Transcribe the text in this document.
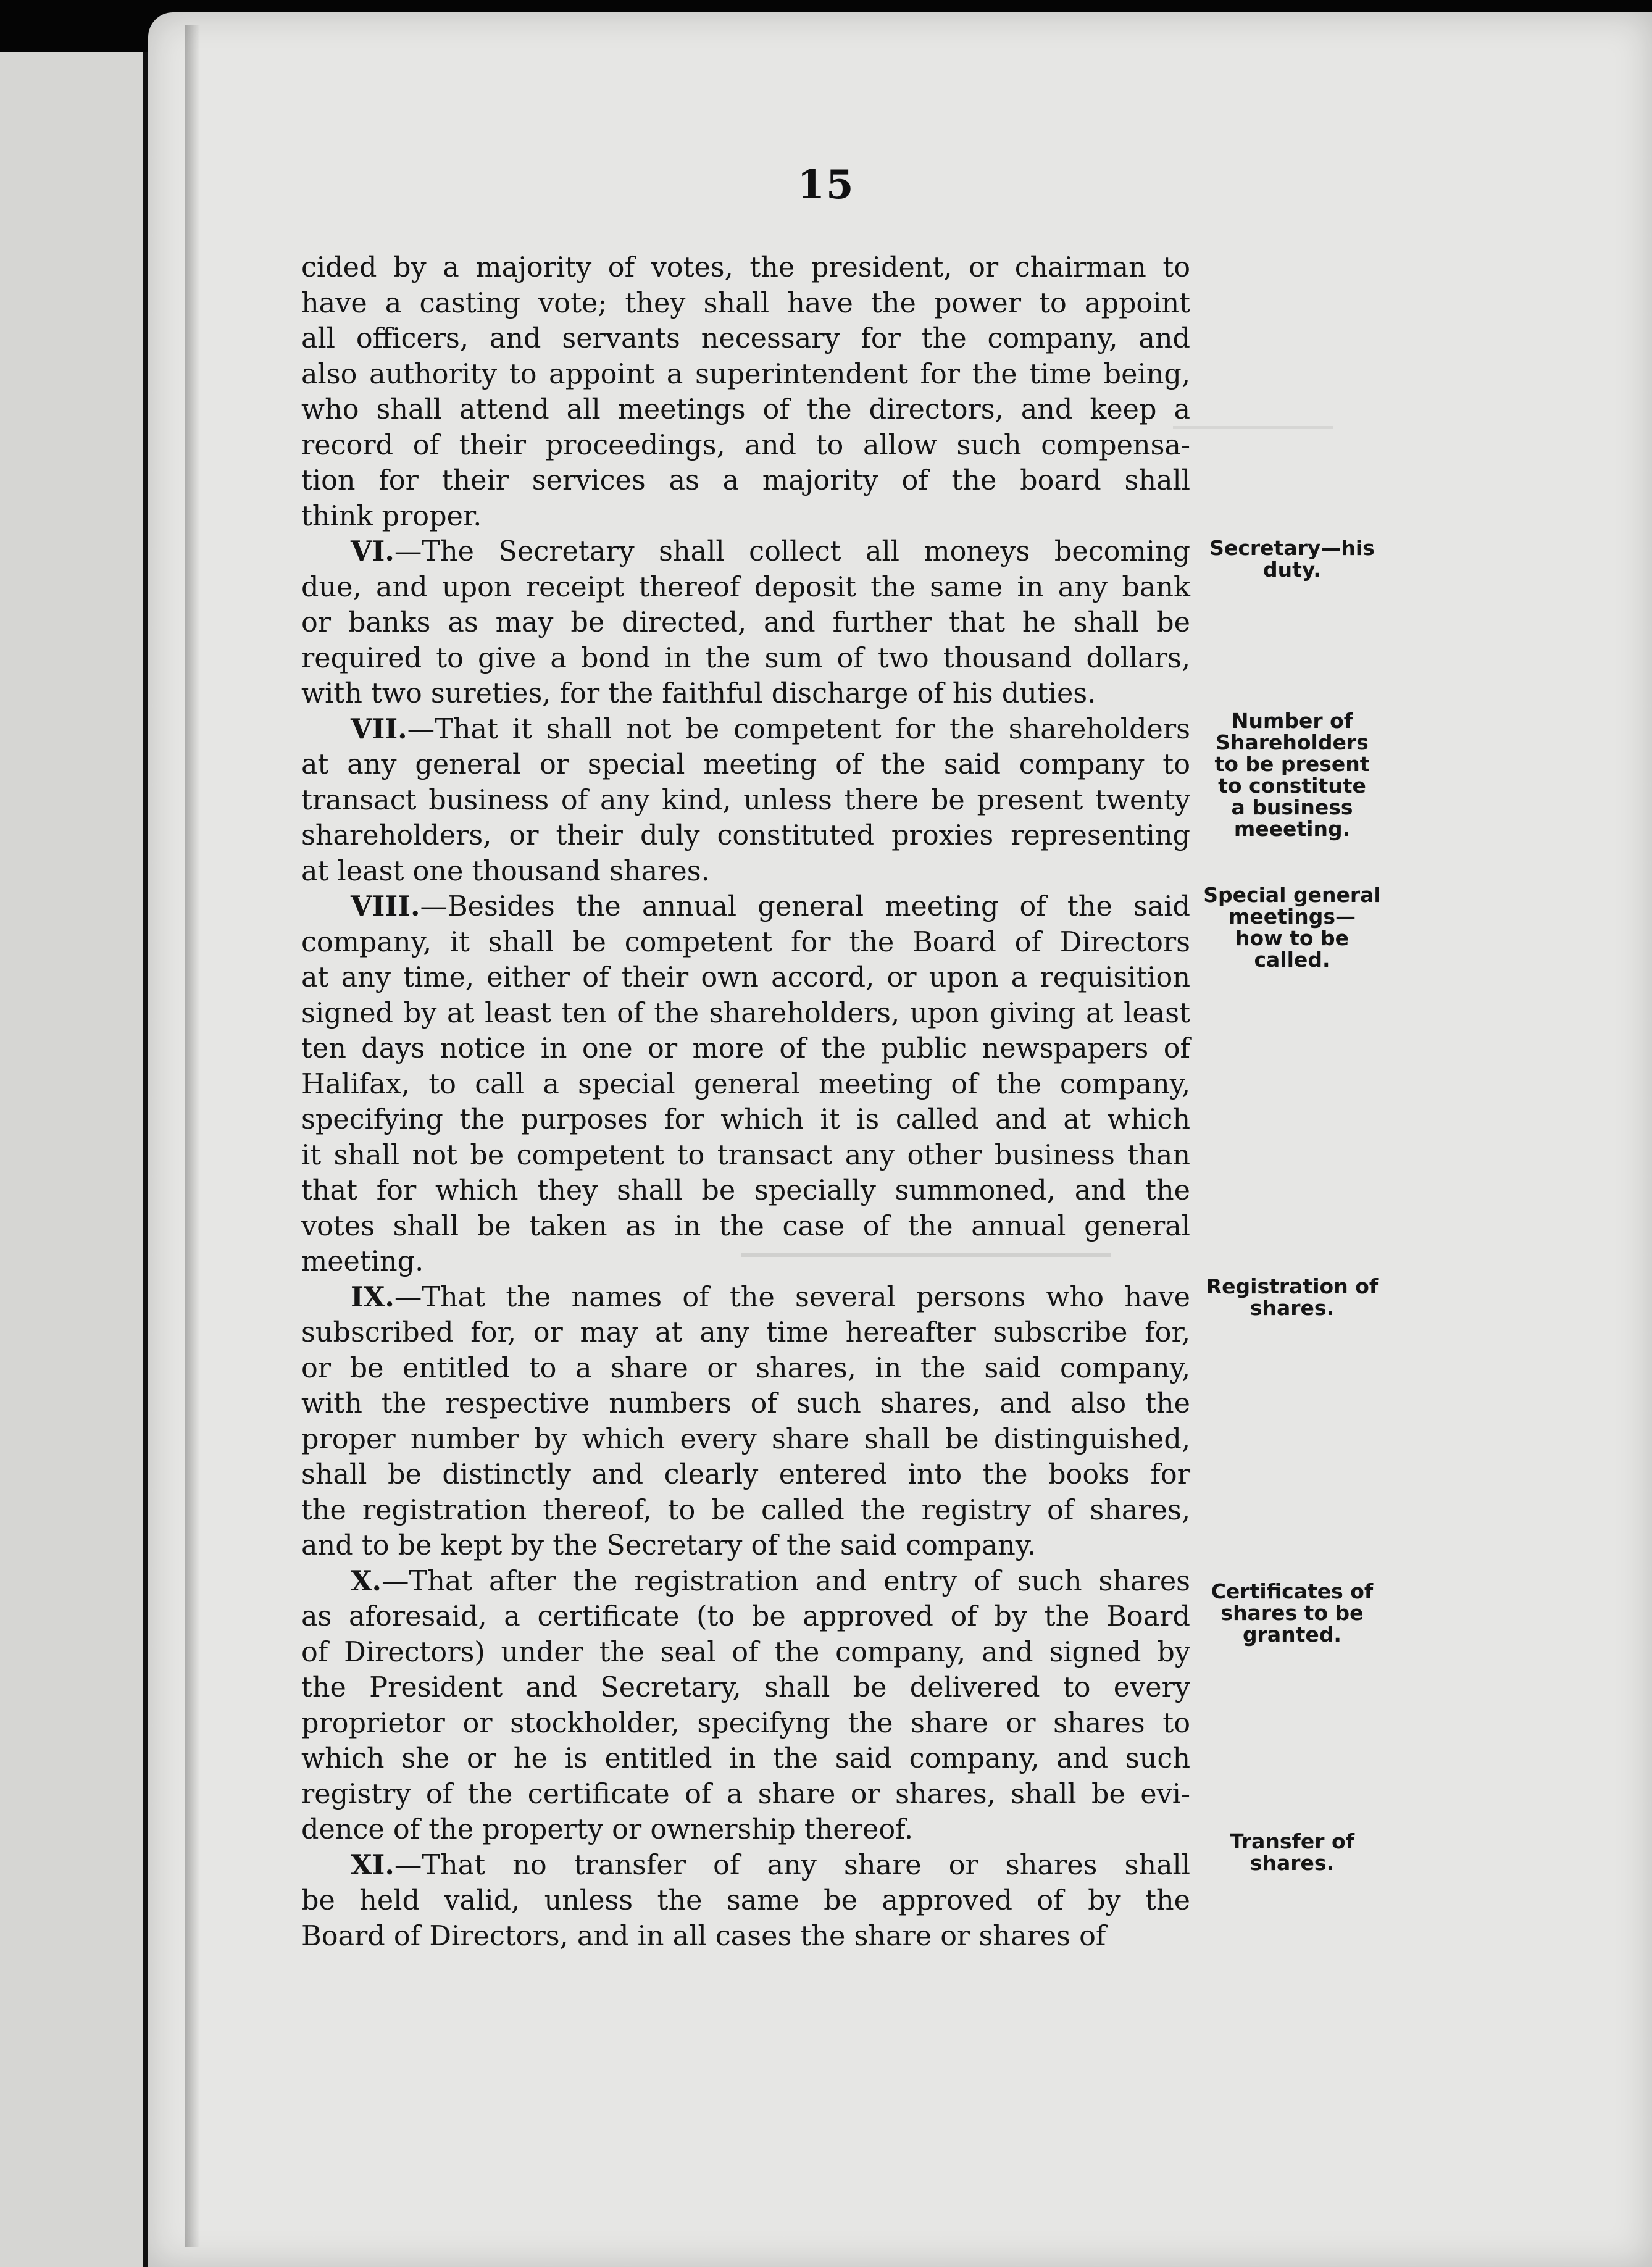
15
cided by a majority of votes, the president, or chairman to
have a casting vote; they shall have the power to appoint
all officers, and servants necessary for the company, and
also authority to appoint a superintendent for the time being,
who shall attend all meetings of the directors, and keep a
record of their proceedings, and to allow such compensa-
tion for their services as a majority of the board shall
think proper.
VI.—The Secretary shall collect all moneys becoming
due, and upon receipt thereof deposit the same in any bank
or banks as may be directed, and further that he shall be
required to give a bond in the sum of two thousand dollars,
with two sureties, for the faithful discharge of his duties.
VII.—That it shall not be competent for the shareholders
at any general or special meeting of the said company to
transact business of any kind, unless there be present twenty
shareholders, or their duly constituted proxies representing
at least one thousand shares.
VIII.—Besides the annual general meeting of the said
company, it shall be competent for the Board of Directors
at any time, either of their own accord, or upon a requisition
signed by at least ten of the shareholders, upon giving at least
ten days notice in one or more of the public newspapers of
Halifax, to call a special general meeting of the company,
specifying the purposes for which it is called and at which
it shall not be competent to transact any other business than
that for which they shall be specially summoned, and the
votes shall be taken as in the case of the annual general
meeting.
IX.—That the names of the several persons who have
subscribed for, or may at any time hereafter subscribe for,
or be entitled to a share or shares, in the said company,
with the respective numbers of such shares, and also the
proper number by which every share shall be distinguished,
shall be distinctly and clearly entered into the books for
the registration thereof, to be called the registry of shares,
and to be kept by the Secretary of the said company.
X.—That after the registration and entry of such shares
as aforesaid, a certificate (to be approved of by the Board
of Directors) under the seal of the company, and signed by
the President and Secretary, shall be delivered to every
proprietor or stockholder, specifyng the share or shares to
which she or he is entitled in the said company, and such
registry of the certificate of a share or shares, shall be evi-
dence of the property or ownership thereof.
XI.—That no transfer of any share or shares shall
be held valid, unless the same be approved of by the
Board of Directors, and in all cases the share or shares of
Secretary—his
duty.
Number of
Shareholders
to be present
to constitute
a business
meeeting.
Special general
meetings—
how to be
called.
Registration of
shares.
Certificates of
shares to be
granted.
Transfer of
shares.
